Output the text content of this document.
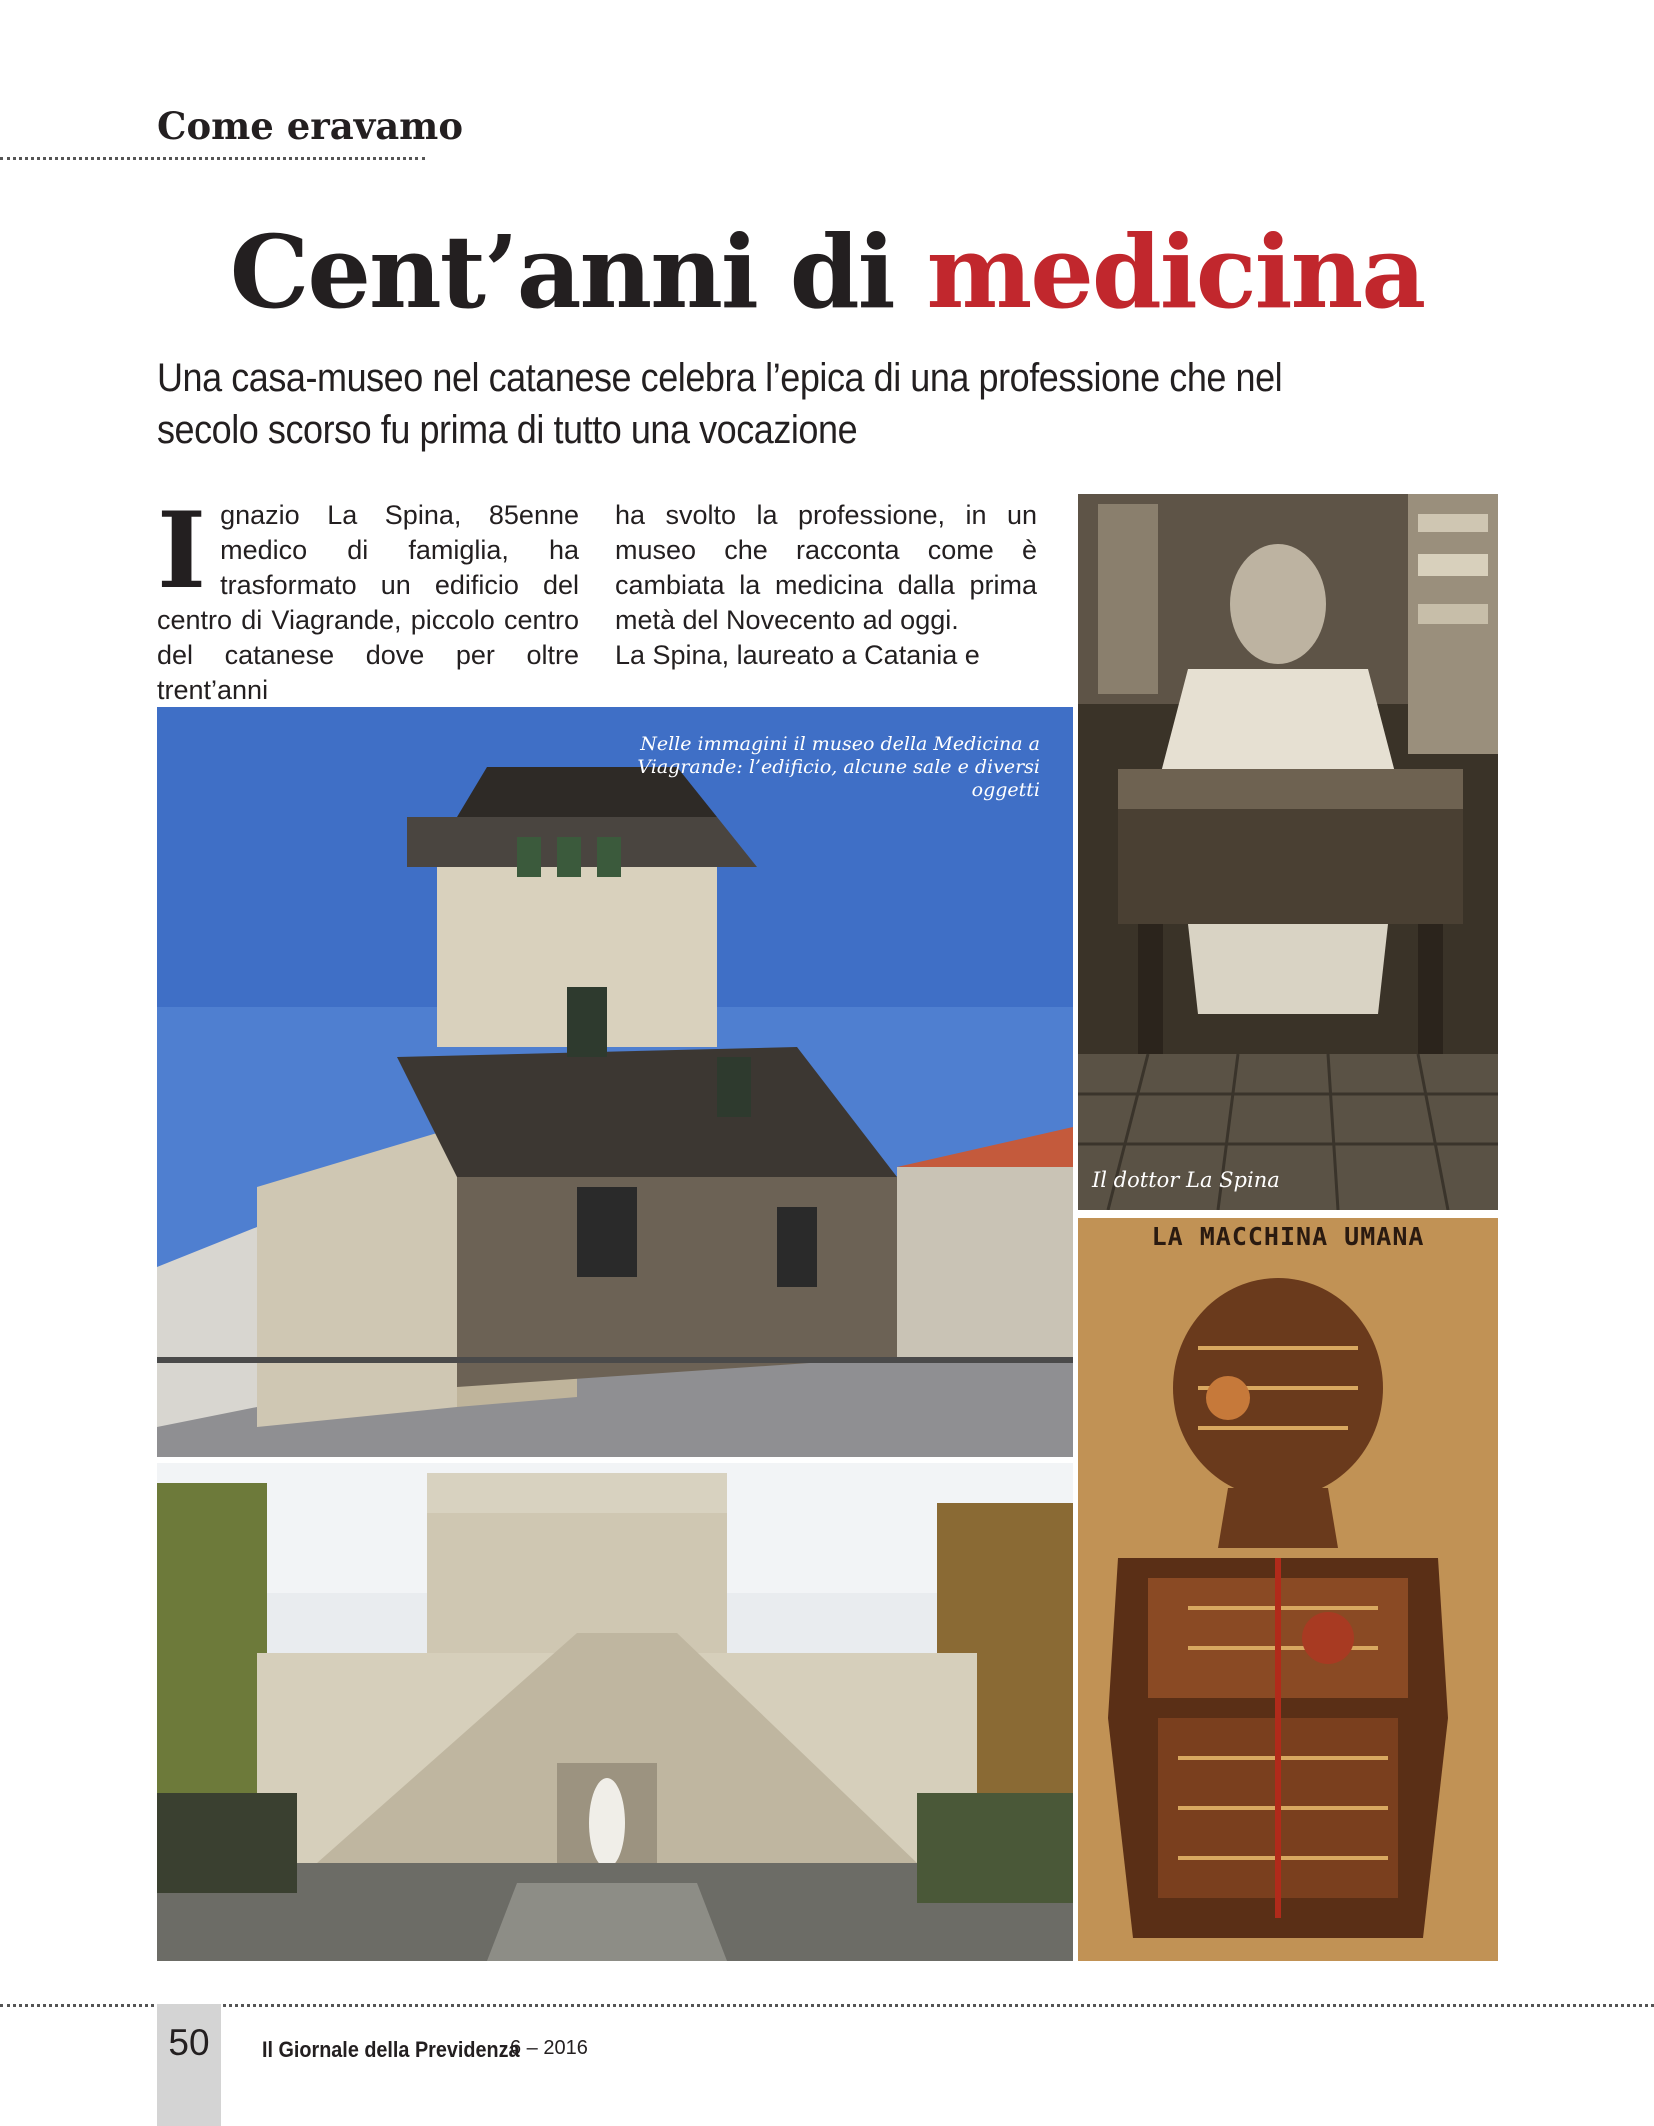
Come eravamo
Cent’anni di medicina
Una casa-museo nel catanese celebra l’epica di una professione che nel secolo scorso fu prima di tutto una vocazione
Ignazio La Spina, 85enne medico di famiglia, ha trasformato un edificio del centro di Viagrande, piccolo centro del catanese dove per oltre trent’anni
ha svolto la professione, in un museo che racconta come è cambiata la medicina dalla prima metà del Novecento ad oggi.
La Spina, laureato a Catania e
LA MACCHINA UMANA
Nelle immagini il museo della Medicina a Viagrande: l’edificio, alcune sale e diversi oggetti
Il dottor La Spina
50	Il Giornale della Previdenza
6 – 2016
